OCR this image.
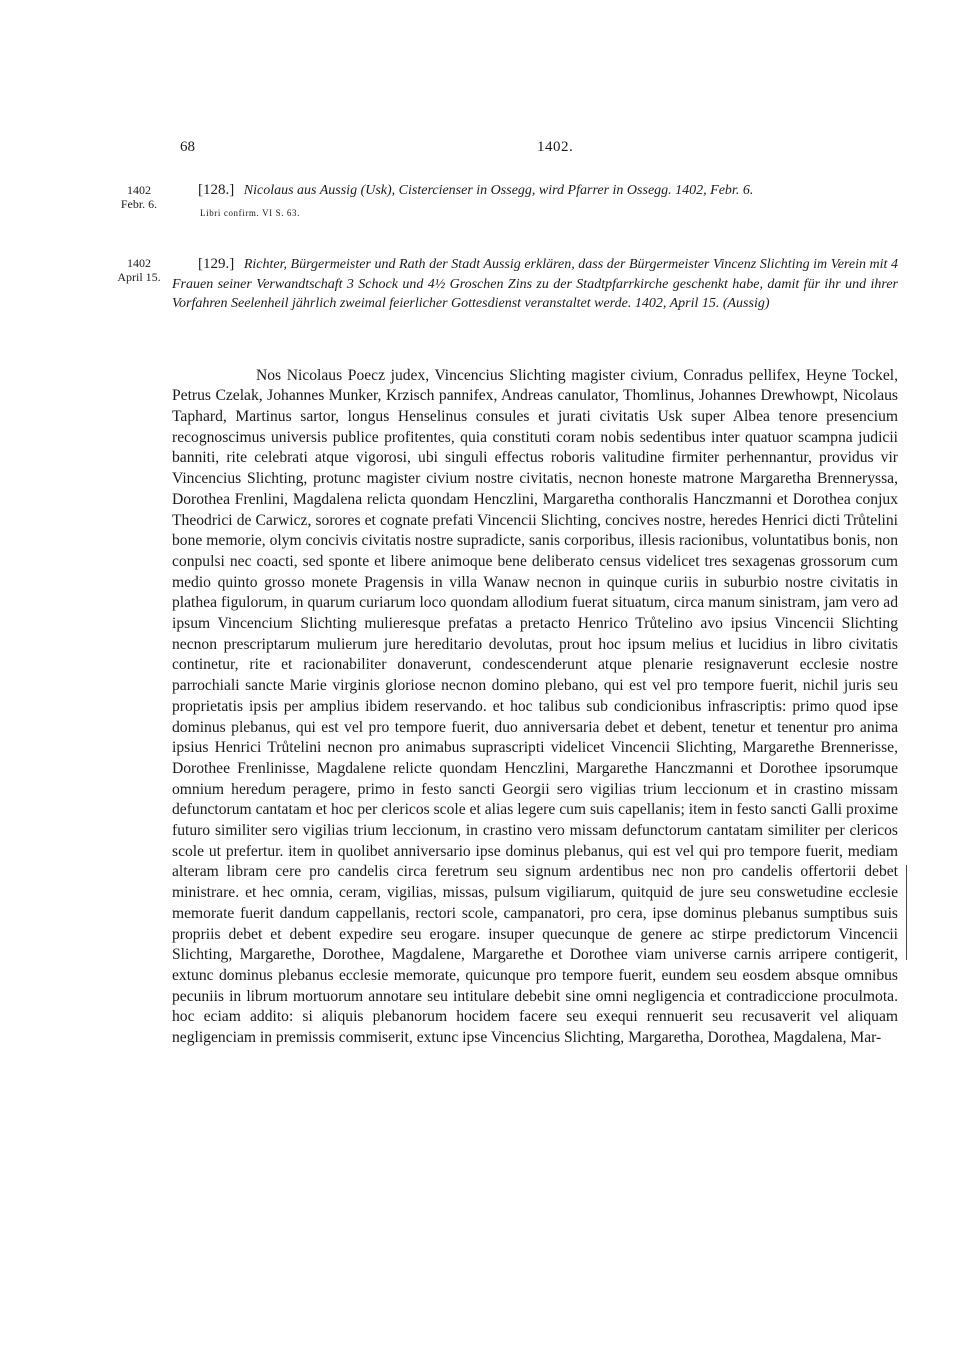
68	1402.
1402
Febr. 6.
[128.] Nicolaus aus Aussig (Usk), Cistercienser in Ossegg, wird Pfarrer in Ossegg. 1402, Febr. 6.
Libri confirm. VI S. 63.
1402
April 15.
[129.] Richter, Bürgermeister und Rath der Stadt Aussig erklären, dass der Bürgermeister Vincenz Slichting im Verein mit 4 Frauen seiner Verwandtschaft 3 Schock und 4½ Groschen Zins zu der Stadtpfarrkirche geschenkt habe, damit für ihr und ihrer Vorfahren Seelenheil jährlich zweimal feierlicher Gottesdienst veranstaltet werde. 1402, April 15. (Aussig)

Nos Nicolaus Poecz judex, Vincencius Slichting magister civium, Conradus pellifex, Heyne Tockel, Petrus Czelak, Johannes Munker, Krzisch pannifex, Andreas canulator, Thomlinus, Johannes Drewhowpt, Nicolaus Taphard, Martinus sartor, longus Henselinus consules et jurati civitatis Usk super Albea tenore presencium recognoscimus universis publice profitentes, quia constituti coram nobis sedentibus inter quatuor scampna judicii banniti, rite celebrati atque vigorosi, ubi singuli effectus roboris valitudine firmiter perhennantur, providus vir Vincencius Slichting, protunc magister civium nostre civitatis, necnon honeste matrone Margaretha Brenneryssa, Dorothea Frenlini, Magdalena relicta quondam Henczlini, Margaretha conthoralis Hanczmanni et Dorothea conjux Theodrici de Carwicz, sorores et cognate prefati Vincencii Slichting, concives nostre, heredes Henrici dicti Trůtelini bone memorie, olym concivis civitatis nostre supradicte, sanis corporibus, illesis racionibus, voluntatibus bonis, non conpulsi nec coacti, sed sponte et libere animoque bene deliberato census videlicet tres sexagenas grossorum cum medio quinto grosso monete Pragensis in villa Wanaw necnon in quinque curiis in suburbio nostre civitatis in plathea figulorum, in quarum curiarum loco quondam allodium fuerat situatum, circa manum sinistram, jam vero ad ipsum Vincencium Slichting mulieresque prefatas a pretacto Henrico Trůtelino avo ipsius Vincencii Slichting necnon prescriptarum mulierum jure hereditario devolutas, prout hoc ipsum melius et lucidius in libro civitatis continetur, rite et racionabiliter donaverunt, condescenderunt atque plenarie resignaverunt ecclesie nostre parrochiali sancte Marie virginis gloriose necnon domino plebano, qui est vel pro tempore fuerit, nichil juris seu proprietatis ipsis per amplius ibidem reservando. et hoc talibus sub condicionibus infrascriptis: primo quod ipse dominus plebanus, qui est vel pro tempore fuerit, duo anniversaria debet et debent, tenetur et tenentur pro anima ipsius Henrici Trůtelini necnon pro animabus suprascripti videlicet Vincencii Slichting, Margarethe Brennerisse, Dorothee Frenlinisse, Magdalene relicte quondam Henczlini, Margarethe Hanczmanni et Dorothee ipsorumque omnium heredum peragere, primo in festo sancti Georgii sero vigilias trium leccionum et in crastino missam defunctorum cantatam et hoc per clericos scole et alias legere cum suis capellanis; item in festo sancti Galli proxime futuro similiter sero vigilias trium leccionum, in crastino vero missam defunctorum cantatam similiter per clericos scole ut prefertur. item in quolibet anniversario ipse dominus plebanus, qui est vel qui pro tempore fuerit, mediam alteram libram cere pro candelis circa feretrum seu signum ardentibus nec non pro candelis offertorii debet ministrare. et hec omnia, ceram, vigilias, missas, pulsum vigiliarum, quitquid de jure seu conswetudine ecclesie memorate fuerit dandum cappellanis, rectori scole, campanatori, pro cera, ipse dominus plebanus sumptibus suis propriis debet et debent expedire seu erogare. insuper quecunque de genere ac stirpe predictorum Vincencii Slichting, Margarethe, Dorothee, Magdalene, Margarethe et Dorothee viam universe carnis arripere contigerit, extunc dominus plebanus ecclesie memorate, quicunque pro tempore fuerit, eundem seu eosdem absque omnibus pecuniis in librum mortuorum annotare seu intitulare debebit sine omni negligencia et contradiccione proculmota. hoc eciam addito: si aliquis plebanorum hocidem facere seu exequi rennuerit seu recusaverit vel aliquam negligenciam in premissis commiserit, extunc ipse Vincencius Slichting, Margaretha, Dorothea, Magdalena, Mar-
